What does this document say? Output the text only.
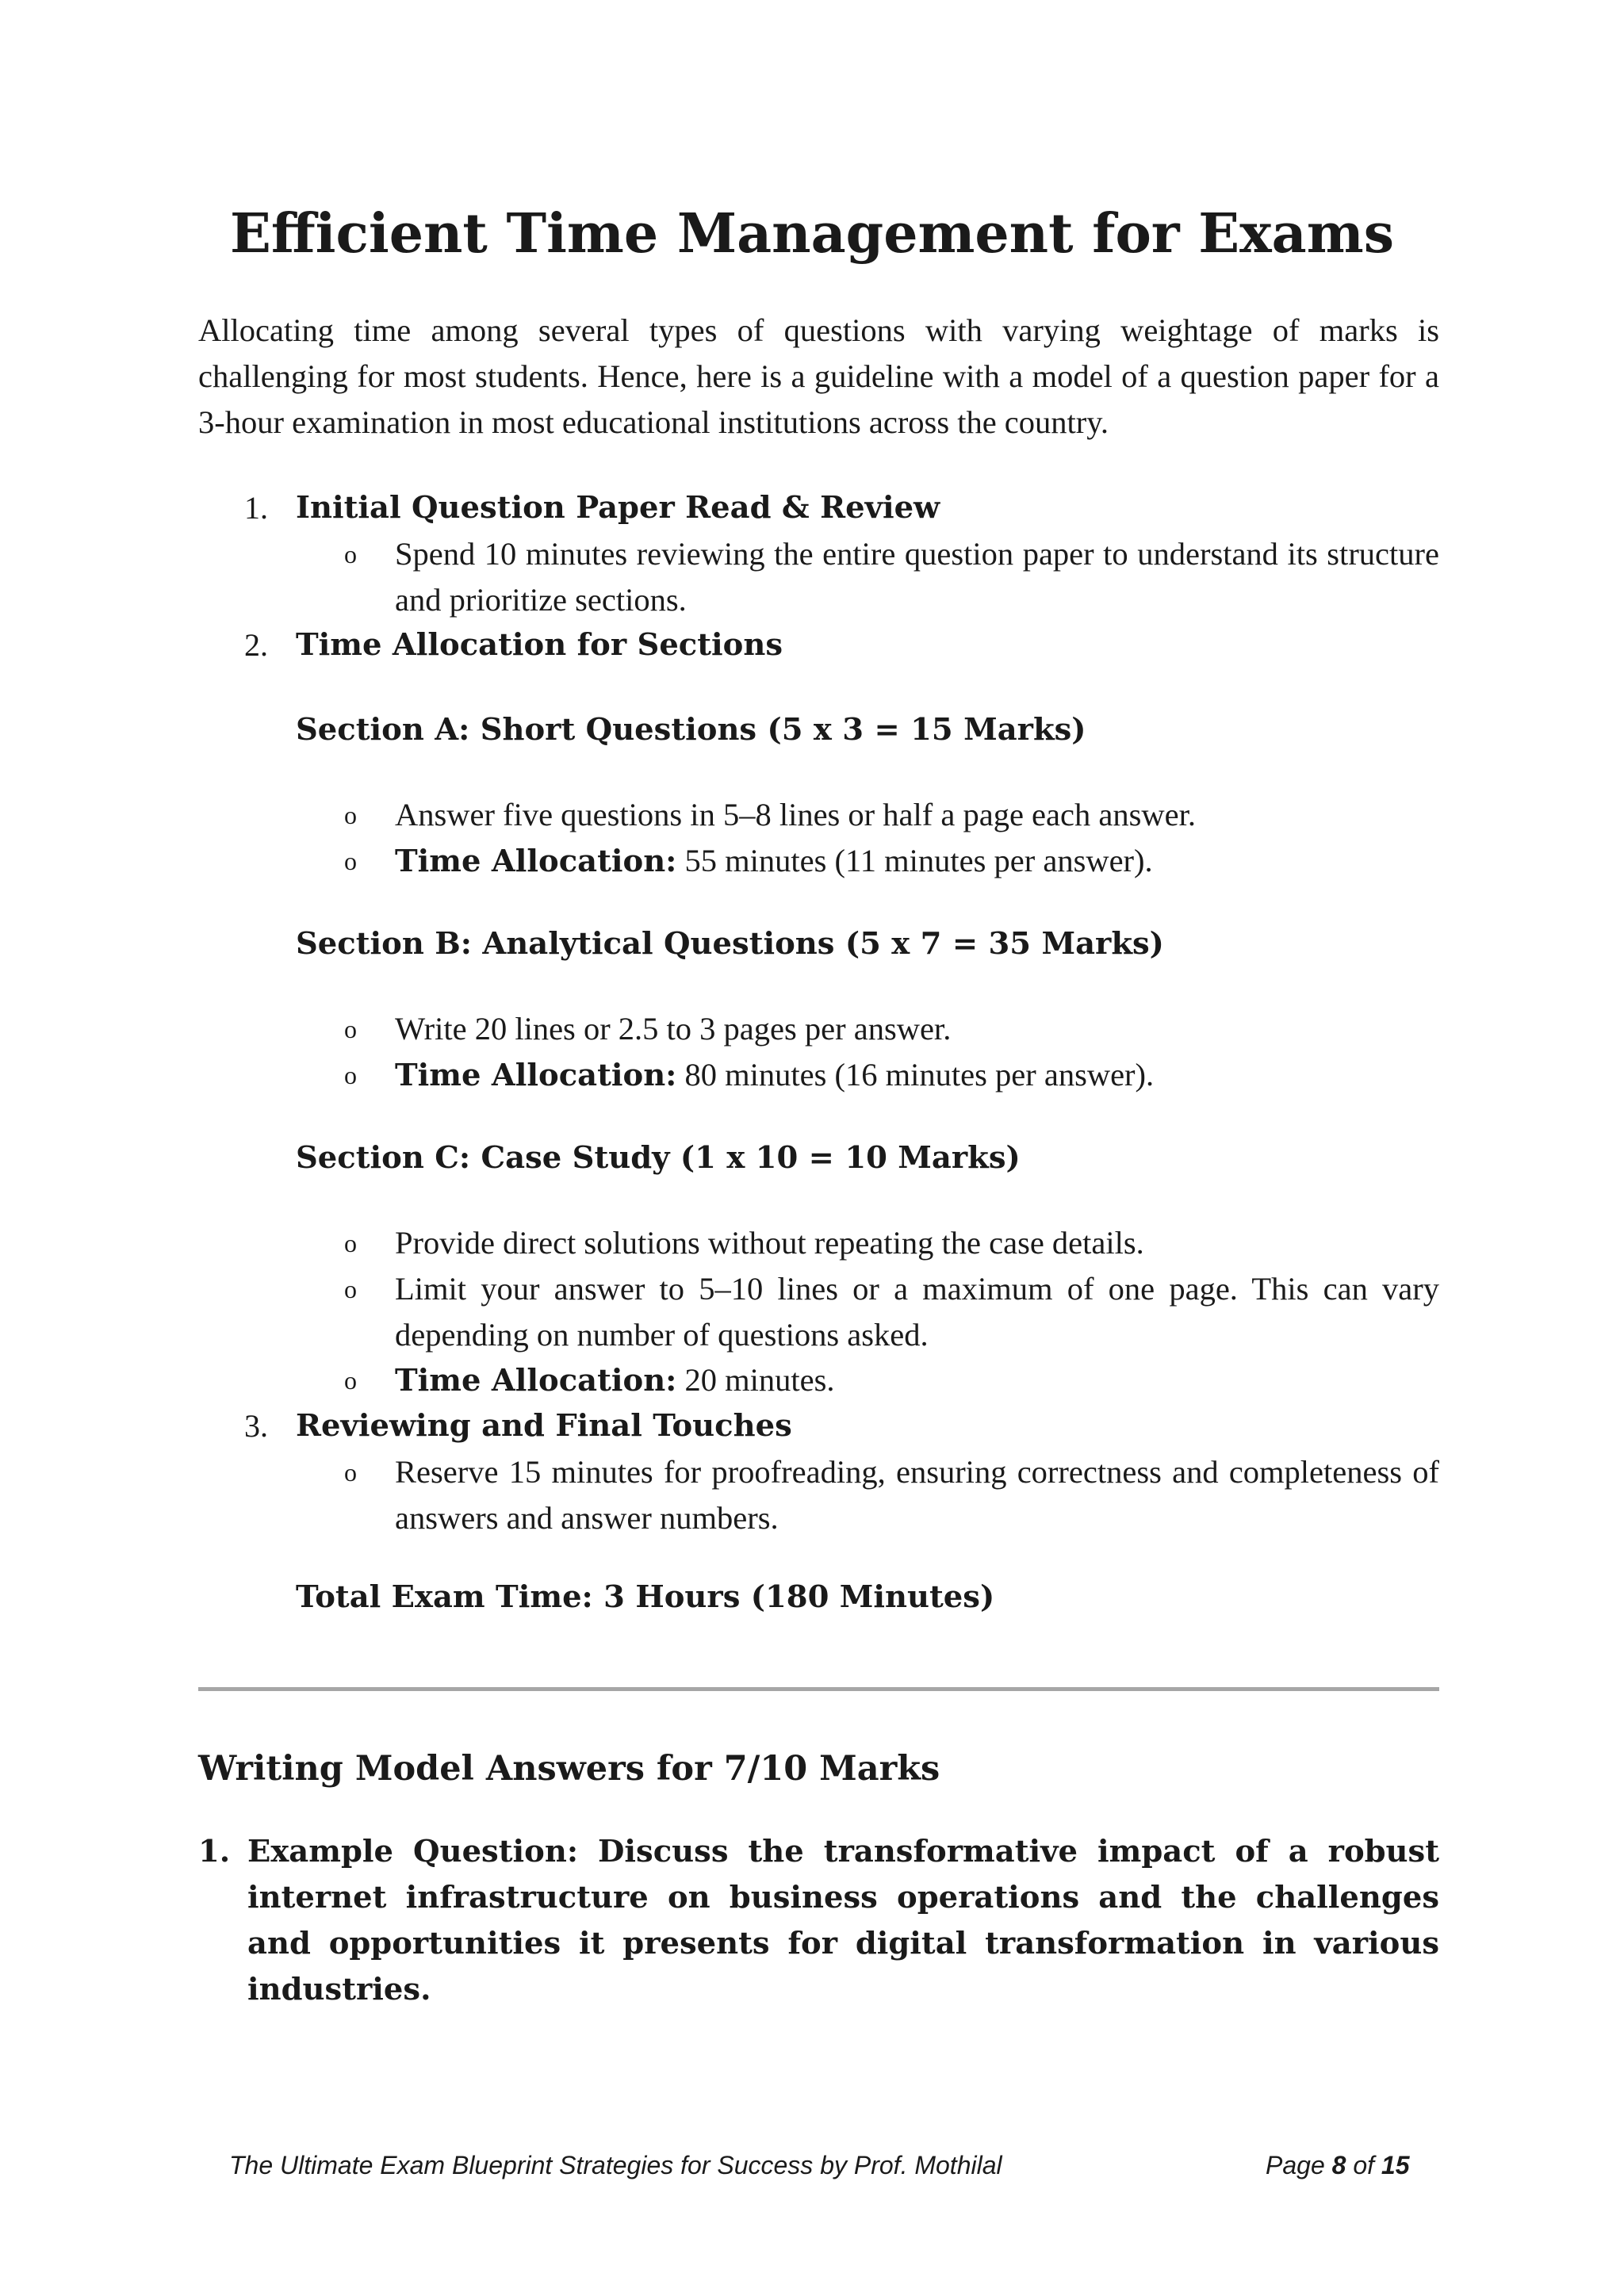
Efficient Time Management for Exams

Allocating time among several types of questions with varying weightage of marks is challenging for most students. Hence, here is a guideline with a model of a question paper for a 3-hour examination in most educational institutions across the country.

1. Initial Question Paper Read & Review
o Spend 10 minutes reviewing the entire question paper to understand its structure and prioritize sections.

2. Time Allocation for Sections
Section A: Short Questions (5 x 3 = 15 Marks)
o Answer five questions in 5–8 lines or half a page each answer.

o Time Allocation: 55 minutes (11 minutes per answer).

Section B: Analytical Questions (5 x 7 = 35 Marks)
o Write 20 lines or 2.5 to 3 pages per answer.

o Time Allocation: 80 minutes (16 minutes per answer).

Section C: Case Study (1 x 10 = 10 Marks)
o Provide direct solutions without repeating the case details.

o Limit your answer to 5–10 lines or a maximum of one page. This can vary depending on number of questions asked.

o Time Allocation: 20 minutes.

3. Reviewing and Final Touches
o Reserve 15 minutes for proofreading, ensuring correctness and completeness of answers and answer numbers.

Total Exam Time: 3 Hours (180 Minutes)
Writing Model Answers for 7/10 Marks
1. Example Question: Discuss the transformative impact of a robust internet infrastructure on business operations and the challenges and opportunities it presents for digital transformation in various industries.

The Ultimate Exam Blueprint Strategies for Success by Prof. Mothilal	Page 8 of 15
